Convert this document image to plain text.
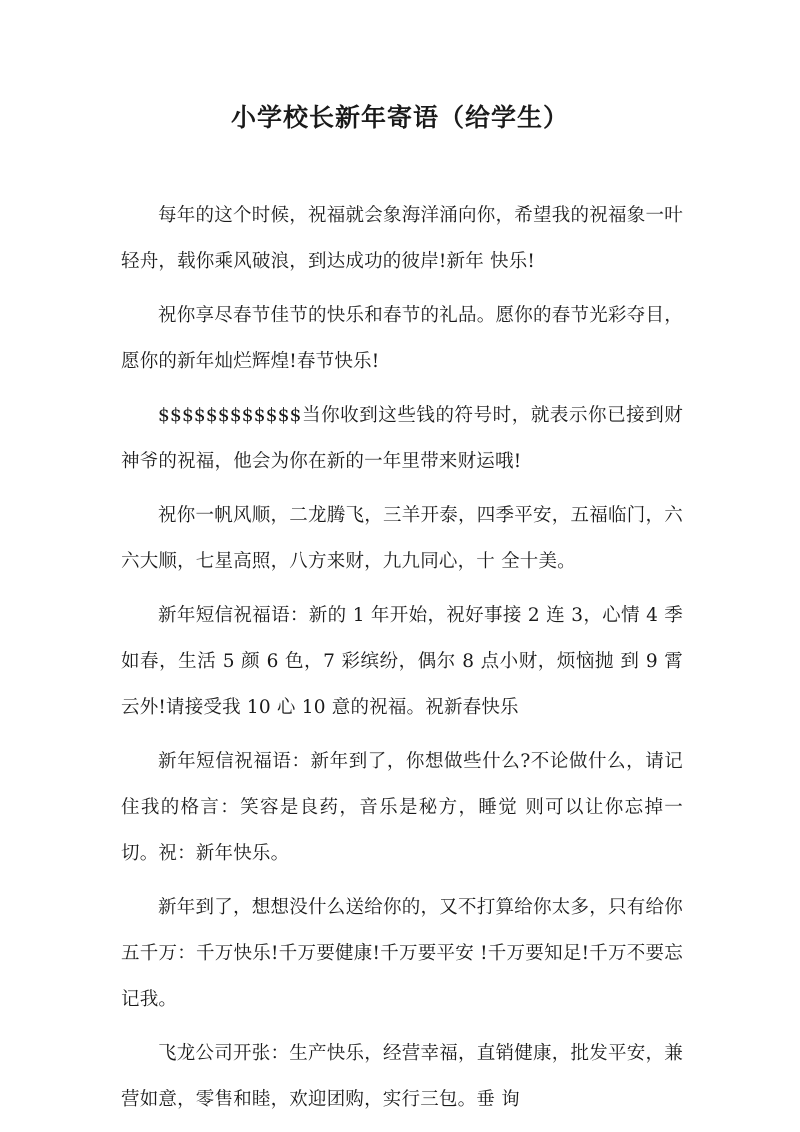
小学校长新年寄语（给学生）

每年的这个时候，祝福就会象海洋涌向你，希望我的祝福象一叶轻舟，载你乘风破浪，到达成功的彼岸!新年 快乐!

祝你享尽春节佳节的快乐和春节的礼品。愿你的春节光彩夺目，愿你的新年灿烂辉煌!春节快乐!

$$$$$$$$$$$$当你收到这些钱的符号时，就表示你已接到财神爷的祝福，他会为你在新的一年里带来财运哦!

祝你一帆风顺，二龙腾飞，三羊开泰，四季平安，五福临门，六六大顺，七星高照，八方来财，九九同心，十 全十美。

新年短信祝福语：新的 1 年开始，祝好事接 2 连 3，心情 4 季如春，生活 5 颜 6 色，7 彩缤纷，偶尔 8 点小财，烦恼抛 到 9 霄云外!请接受我 10 心 10 意的祝福。祝新春快乐

新年短信祝福语：新年到了，你想做些什么?不论做什么，请记住我的格言：笑容是良药，音乐是秘方，睡觉 则可以让你忘掉一切。祝：新年快乐。

新年到了，想想没什么送给你的，又不打算给你太多，只有给你五千万：千万快乐!千万要健康!千万要平安 !千万要知足!千万不要忘记我。

飞龙公司开张：生产快乐，经营幸福，直销健康，批发平安，兼营如意，零售和睦，欢迎团购，实行三包。垂 询
